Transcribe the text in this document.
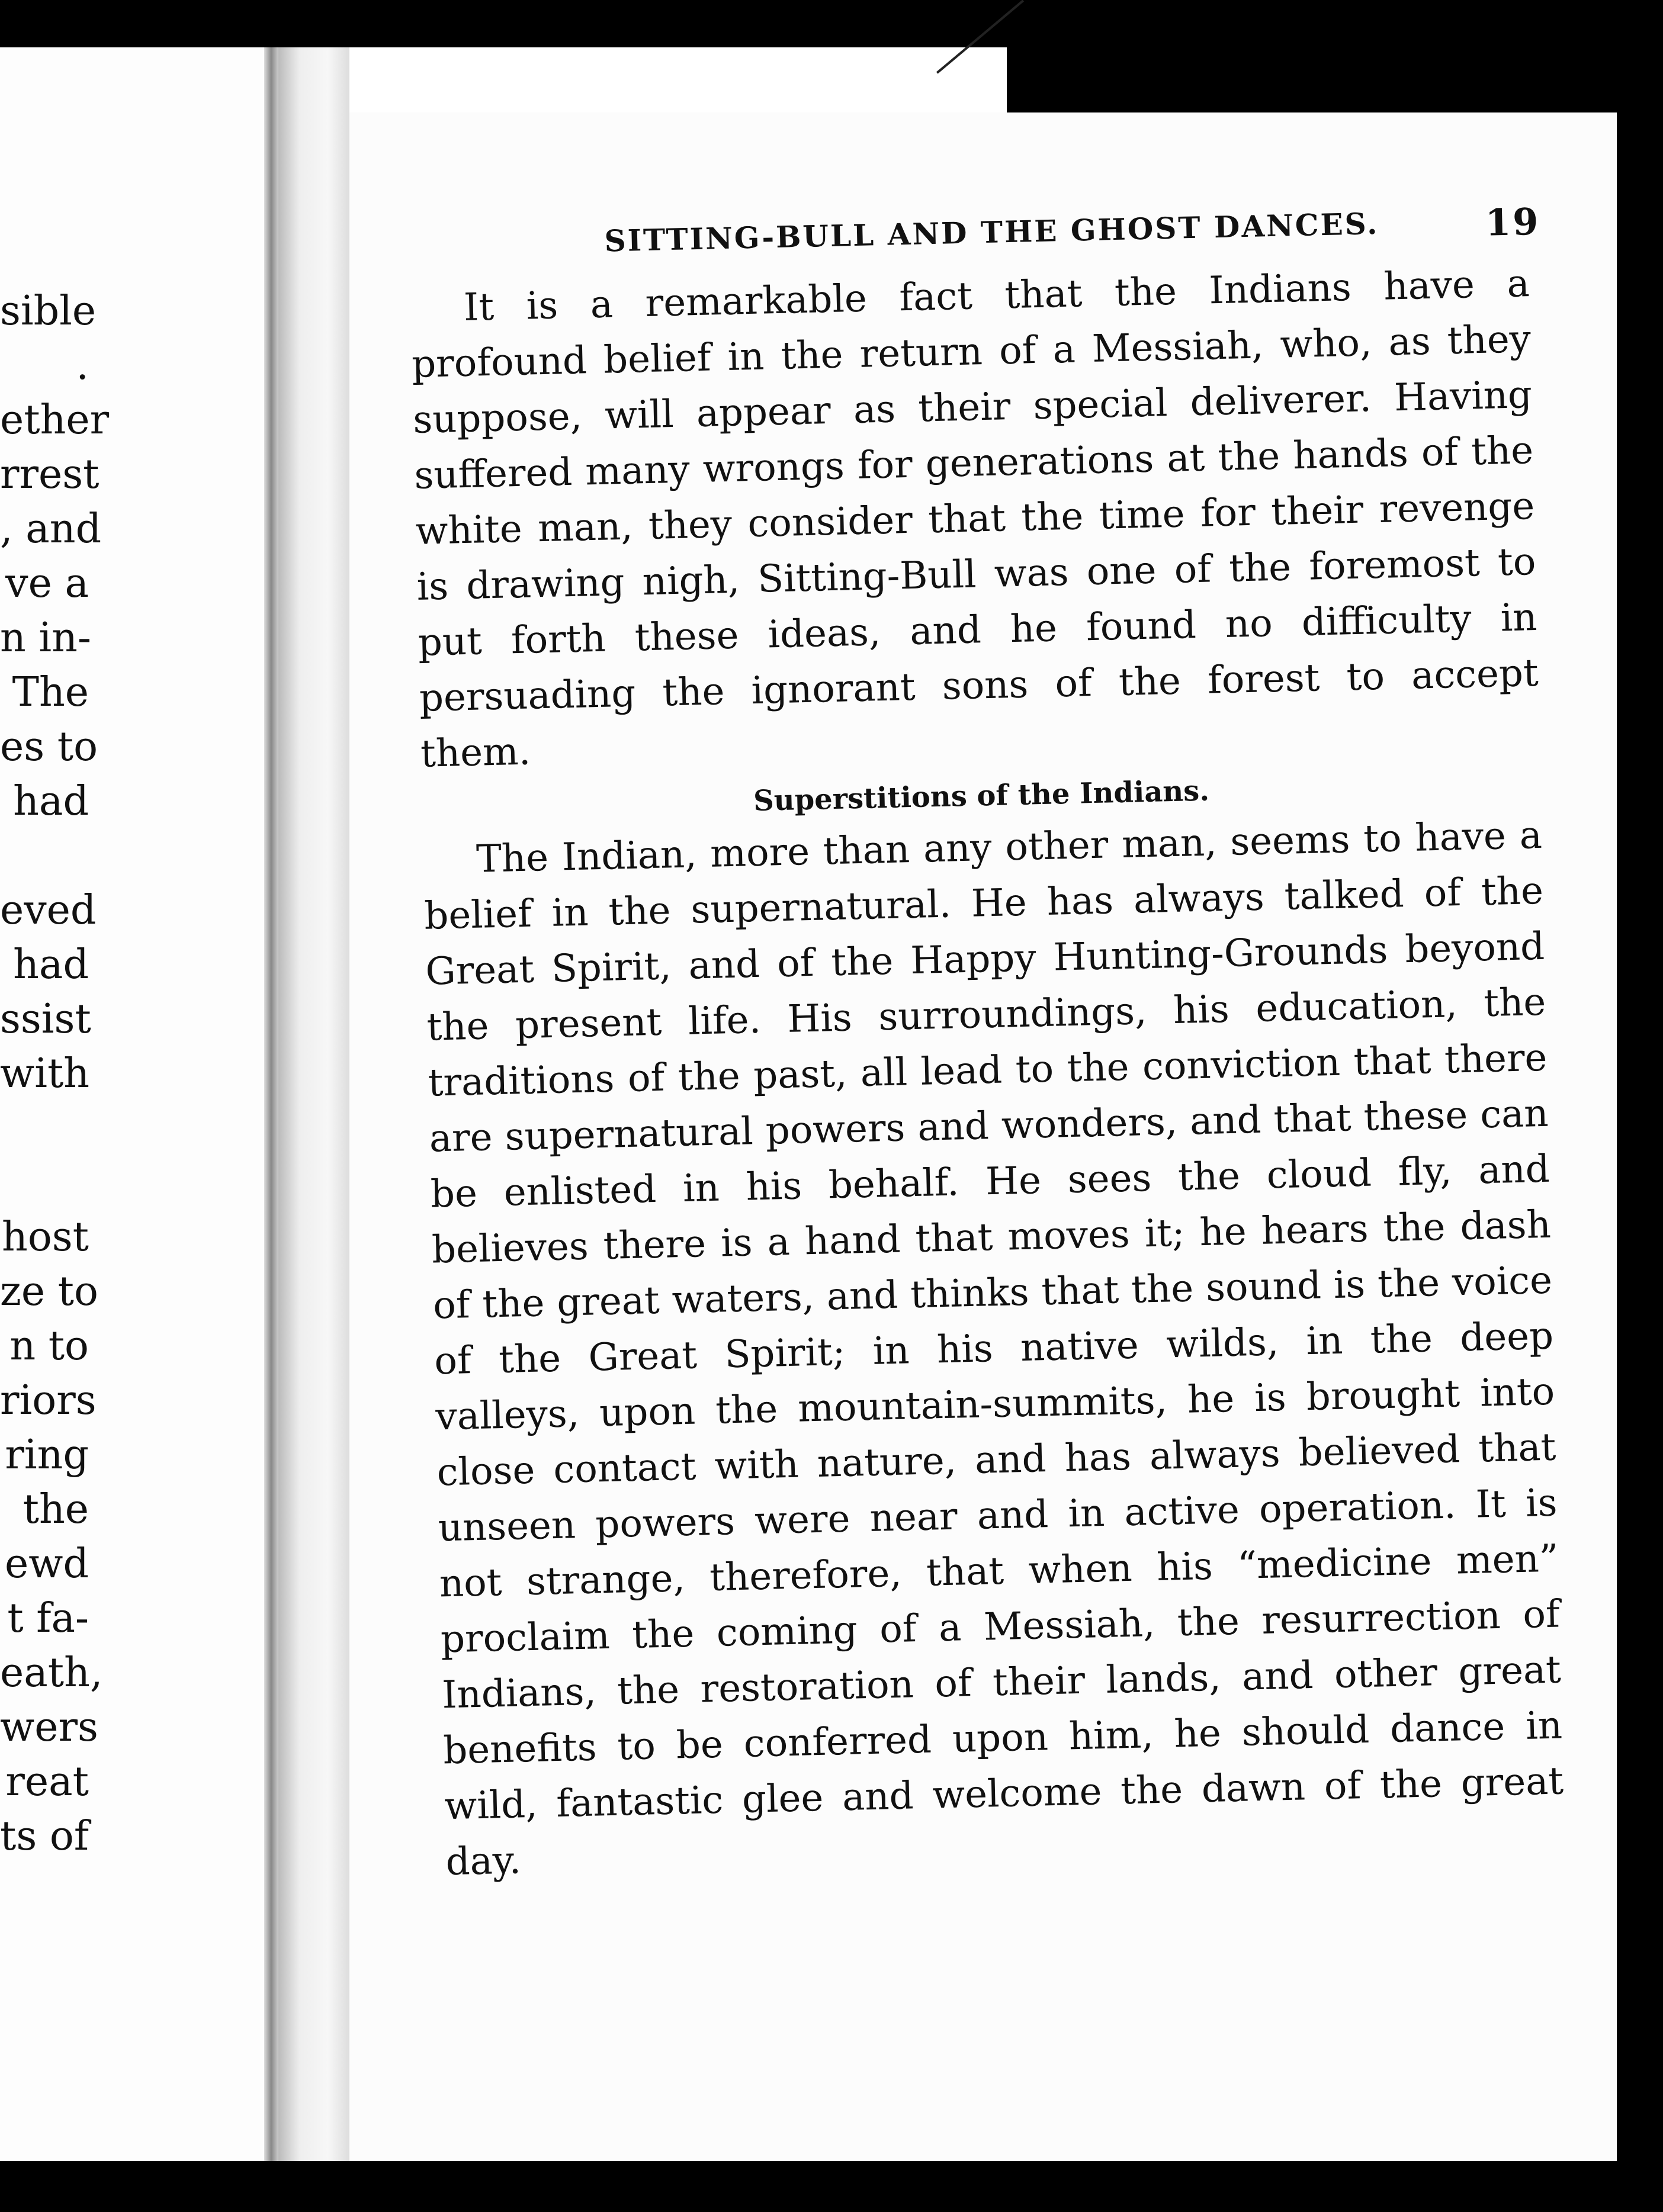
sible
.
ether
rrest
, and
ve a
n in-
The
es to
had
eved
had
ssist
with
host
ze to
n to
riors
ring
the
ewd
t fa-
eath,
wers
reat
ts of
SITTING-BULL AND THE GHOST DANCES.	19

It is a remarkable fact that the Indians have a profound belief in the return of a Messiah, who, as they suppose, will appear as their special deliverer. Having suffered many wrongs for generations at the hands of the white man, they consider that the time for their revenge is drawing nigh, Sitting-Bull was one of the foremost to put forth these ideas, and he found no difficulty in persuading the ignorant sons of the forest to accept them.

Superstitions of the Indians.

The Indian, more than any other man, seems to have a belief in the supernatural. He has always talked of the Great Spirit, and of the Happy Hunting-Grounds beyond the present life. His surroundings, his education, the traditions of the past, all lead to the conviction that there are supernatural powers and wonders, and that these can be enlisted in his behalf. He sees the cloud fly, and believes there is a hand that moves it; he hears the dash of the great waters, and thinks that the sound is the voice of the Great Spirit; in his native wilds, in the deep valleys, upon the mountain-summits, he is brought into close contact with nature, and has always believed that unseen powers were near and in active operation. It is not strange, therefore, that when his “medicine men” proclaim the coming of a Messiah, the resurrection of Indians, the restoration of their lands, and other great benefits to be conferred upon him, he should dance in wild, fantastic glee and welcome the dawn of the great day.
